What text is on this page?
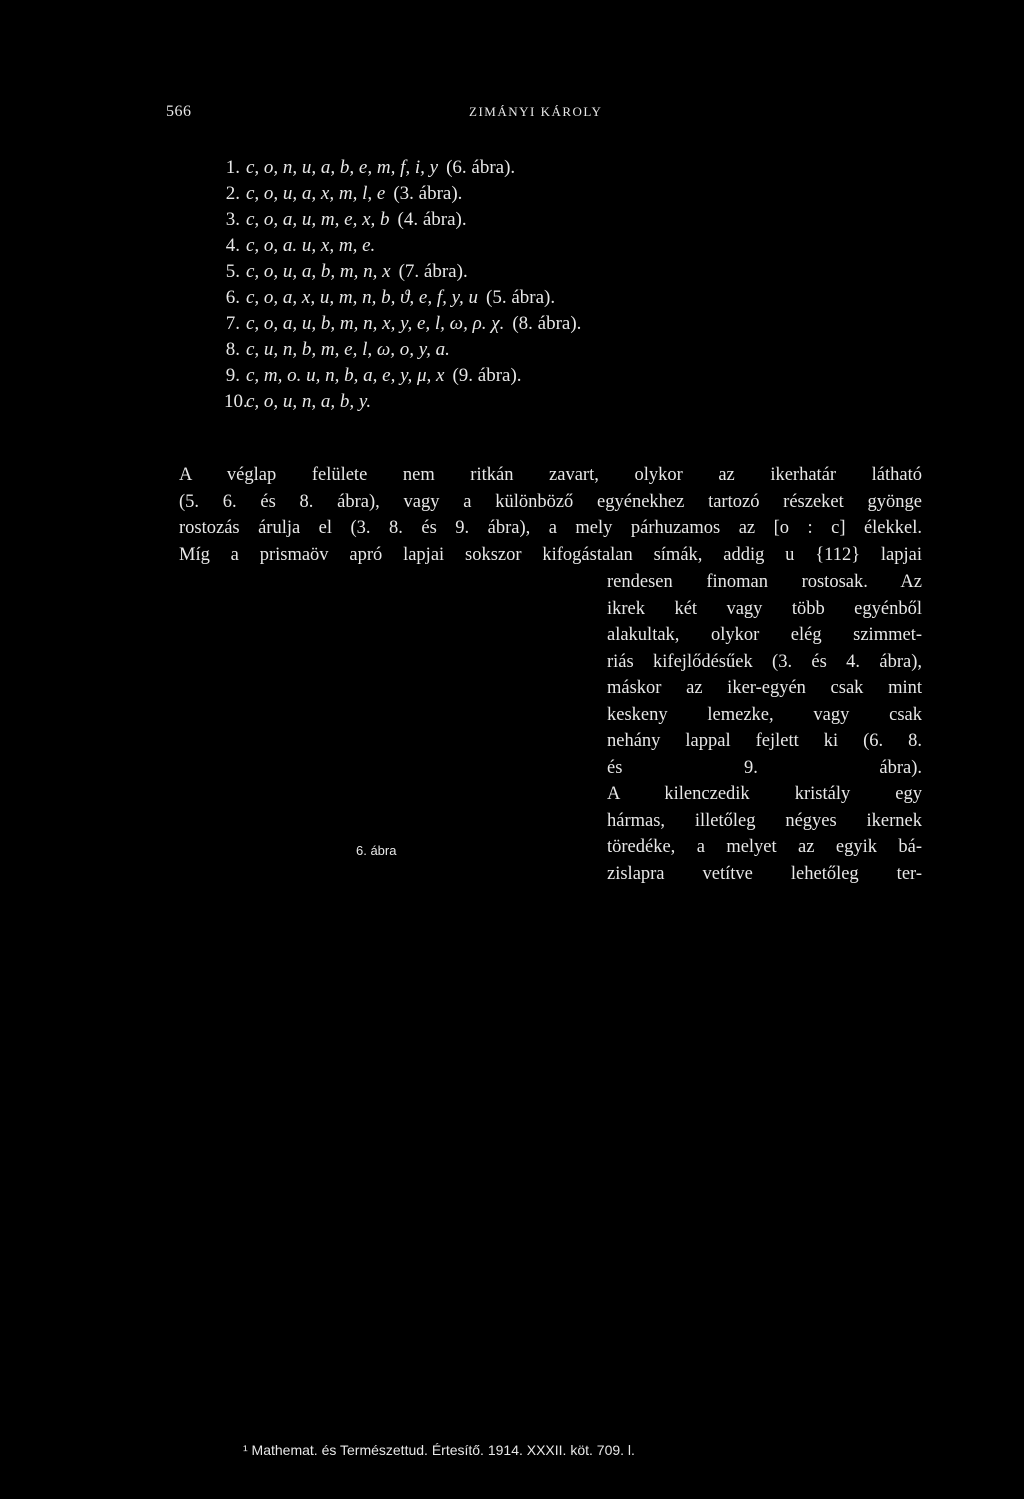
566	ZIMÁNYI KÁROLY
1. c, o, n, u, a, b, e, m, f, i, y (6. ábra).
2. c, o, u, a, x, m, l, e (3. ábra).
3. c, o, a, u, m, e, x, b (4. ábra).
4. c, o, a. u, x, m, e.
5. c, o, u, a, b, m, n, x (7. ábra).
6. c, o, a, x, u, m, n, b, ϑ, e, f, y, u (5. ábra).
7. c, o, a, u, b, m, n, x, y, e, l, ω, ρ. χ. (8. ábra).
8. c, u, n, b, m, e, l, ω, o, y, a.
9. c, m, o. u, n, b, a, e, y, μ, x (9. ábra).
10.c, o, u, n, a, b, y.
A véglap felülete nem ritkán zavart, olykor az ikerhatár látható
(5. 6. és 8. ábra), vagy a különböző egyénekhez tartozó részeket gyönge
rostozás árulja el (3. 8. és 9. ábra), a mely párhuzamos az [o : c] élekkel.
Míg a prismaöv apró lapjai sokszor kifogástalan símák, addig u {112} lapjai
rendesen finoman rostosak. Az
ikrek két vagy több egyénből
alakultak, olykor elég szimmet-
riás kifejlődésűek (3. és 4. ábra),
máskor az iker-egyén csak mint
keskeny lemezke, vagy csak
nehány lappal fejlett ki (6. 8.
és 9. ábra).
A kilenczedik kristály egy
hármas, illetőleg négyes ikernek
töredéke, a melyet az egyik bá-
zislapra vetítve lehetőleg ter-
6. ábra
¹ Mathemat. és Természettud. Értesítő. 1914. XXXII. köt. 709. l.
